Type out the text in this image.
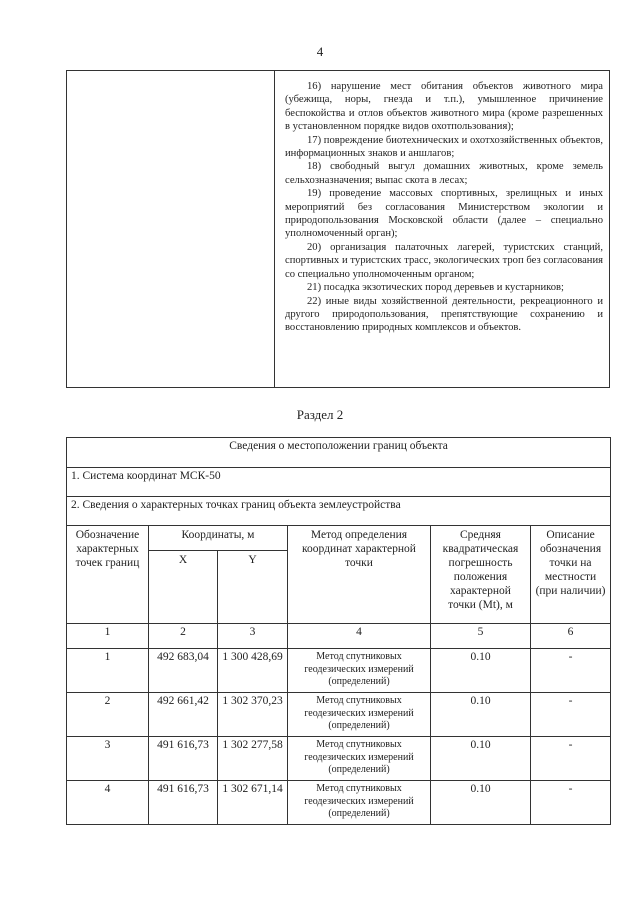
4

16) нарушение мест обитания объектов животного мира (убежища, норы, гнезда и т.п.), умышленное причинение беспокойства и отлов объектов животного мира (кроме разрешенных в установленном порядке видов охотпользования);

17) повреждение биотехнических и охотхозяйственных объектов, информационных знаков и аншлагов;

18) свободный выгул домашних животных, кроме земель сельхозназначения; выпас скота в лесах;

19) проведение массовых спортивных, зрелищных и иных мероприятий без согласования Министерством экологии и природопользования Московской области (далее – специально уполномоченный орган);

20) организация палаточных лагерей, туристских станций, спортивных и туристских трасс, экологических троп без согласования со специально уполномоченным органом;

21) посадка экзотических пород деревьев и кустарников;

22) иные виды хозяйственной деятельности, рекреационного и другого природопользования, препятствующие сохранению и восстановлению природных комплексов и объектов.

Раздел 2
Сведения о местоположении границ объекта					
1. Система координат МСК-50					
2. Сведения о характерных точках границ объекта землеустройства					
Обозначение характерных точек границ	Координаты, м		Метод определения координат характерной точки	Средняя квадратическая погрешность положения характерной точки (Mt), м	Описание обозначения точки на местности (при наличии)
	X	Y			
1	2	3	4	5	6
1	492 683,04	1 300 428,69	Метод спутниковых геодезических измерений (определений)	0.10	-
2	492 661,42	1 302 370,23	Метод спутниковых геодезических измерений (определений)	0.10	-
3	491 616,73	1 302 277,58	Метод спутниковых геодезических измерений (определений)	0.10	-
4	491 616,73	1 302 671,14	Метод спутниковых геодезических измерений (определений)	0.10	-
